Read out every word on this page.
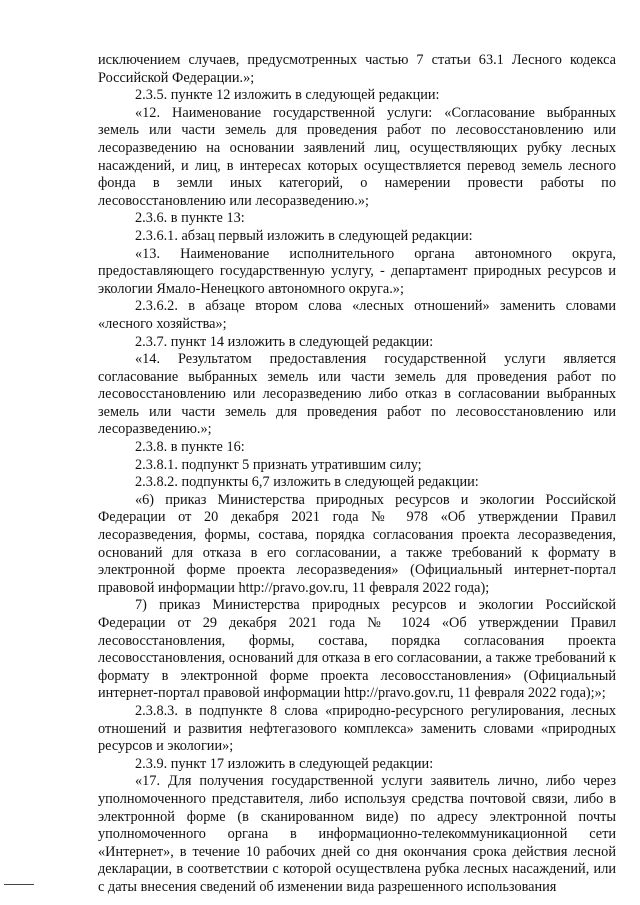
исключением случаев, предусмотренных частью 7 статьи 63.1 Лесного кодекса Российской Федерации.»;

2.3.5. пункте 12 изложить в следующей редакции:

«12. Наименование государственной услуги: «Согласование выбранных земель или части земель для проведения работ по лесовосстановлению или лесоразведению на основании заявлений лиц, осуществляющих рубку лесных насаждений, и лиц, в интересах которых осуществляется перевод земель лесного фонда в земли иных категорий, о намерении провести работы по лесовосстановлению или лесоразведению.»;

2.3.6. в пункте 13:

2.3.6.1. абзац первый изложить в следующей редакции:

«13. Наименование исполнительного органа автономного округа, предоставляющего государственную услугу, - департамент природных ресурсов и экологии Ямало-Ненецкого автономного округа.»;

2.3.6.2. в абзаце втором слова «лесных отношений» заменить словами «лесного хозяйства»;

2.3.7. пункт 14 изложить в следующей редакции:

«14. Результатом предоставления государственной услуги является согласование выбранных земель или части земель для проведения работ по лесовосстановлению или лесоразведению либо отказ в согласовании выбранных земель или части земель для проведения работ по лесовосстановлению или лесоразведению.»;

2.3.8. в пункте 16:

2.3.8.1. подпункт 5 признать утратившим силу;

2.3.8.2. подпункты 6,7 изложить в следующей редакции:

«6) приказ Министерства природных ресурсов и экологии Российской Федерации от 20 декабря 2021 года № 978 «Об утверждении Правил лесоразведения, формы, состава, порядка согласования проекта лесоразведения, оснований для отказа в его согласовании, а также требований к формату в электронной форме проекта лесоразведения» (Официальный интернет-портал правовой информации http://pravo.gov.ru, 11 февраля 2022 года);

7) приказ Министерства природных ресурсов и экологии Российской Федерации от 29 декабря 2021 года № 1024 «Об утверждении Правил лесовосстановления, формы, состава, порядка согласования проекта лесовосстановления, оснований для отказа в его согласовании, а также требований к формату в электронной форме проекта лесовосстановления» (Официальный интернет-портал правовой информации http://pravo.gov.ru, 11 февраля 2022 года);»;

2.3.8.3. в подпункте 8 слова «природно-ресурсного регулирования, лесных отношений и развития нефтегазового комплекса» заменить словами «природных ресурсов и экологии»;

2.3.9. пункт 17 изложить в следующей редакции:

«17. Для получения государственной услуги заявитель лично, либо через уполномоченного представителя, либо используя средства почтовой связи, либо в электронной форме (в сканированном виде) по адресу электронной почты уполномоченного органа в информационно-телекоммуникационной сети «Интернет», в течение 10 рабочих дней со дня окончания срока действия лесной декларации, в соответствии с которой осуществлена рубка лесных насаждений, или с даты внесения сведений об изменении вида разрешенного использования
